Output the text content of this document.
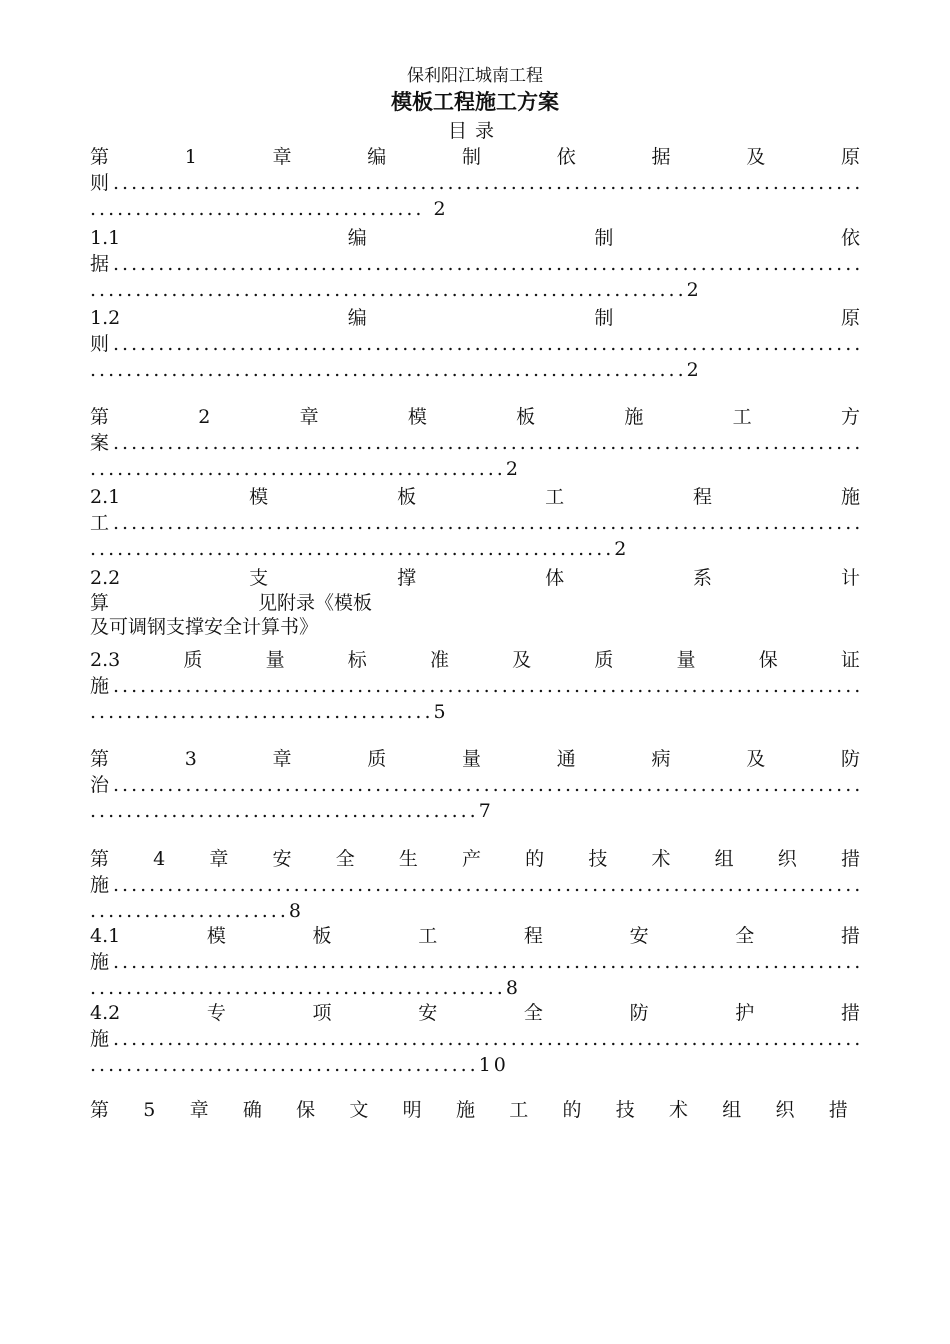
保利阳江城南工程
模板工程施工方案
目录
第	1	章	编	制	依	据	及	原
则
.....
..................................... 2
1.1	编	制	依
据
.....
..................................................................2
1.2	编	制	原
则
.....
..................................................................2
第	2	章	模	板	施	工	方
案
.....
..............................................2
2.1	模	板	工	程	施
工
.....
..........................................................2
2.2	支	撑	体	系	计
算	见附录《模板
及可调钢支撑安全计算书》
2.3	质	量	标	准	及	质	量	保	证
施
.....
......................................5
第	3	章	质	量	通	病	及	防
治
.....
...........................................7
第 4 章 安 全 生 产 的 技 术 组 织 措
施
.....
......................8
4.1	模	板	工	程	安	全	措
施
.....
..............................................8
4.2	专	项	安	全	防	护	措
施
.....
...........................................10
第 5 章 确 保 文 明 施 工 的 技 术 组 织 措
